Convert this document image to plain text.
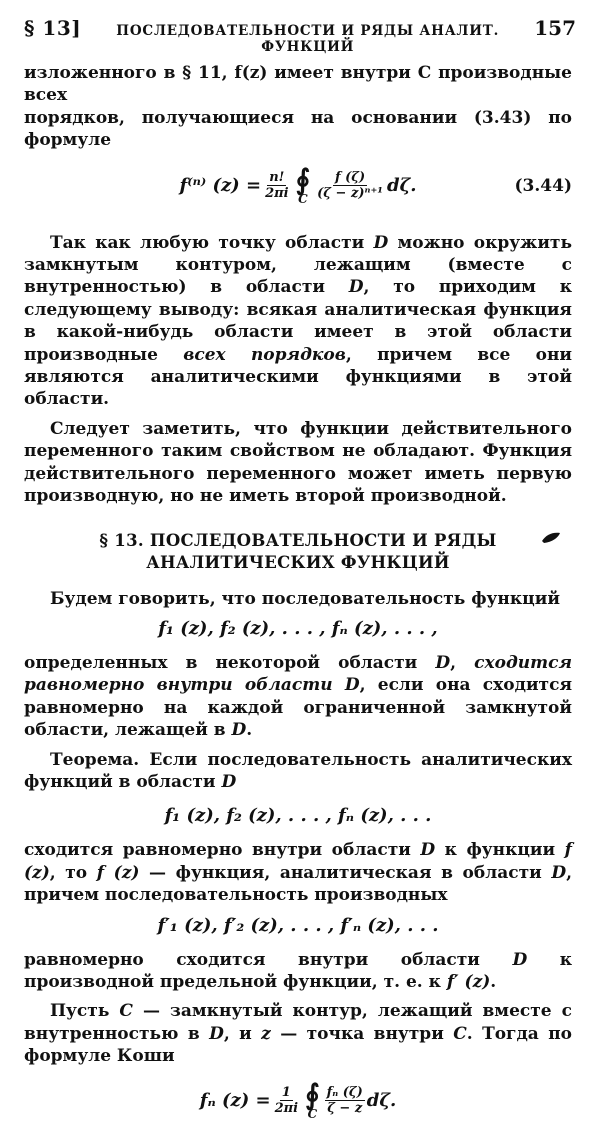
§ 13]	ПОСЛЕДОВАТЕЛЬНОСТИ И РЯДЫ АНАЛИТ. ФУНКЦИЙ
157

изложенного в § 11, f(z) имеет внутри C производные всех
порядков, получающиеся на основании (3.43) по формуле

f⁽ⁿ⁾ $(z) = \frac{n!}{2\pi i}$ ∮
C $\frac{f (\zeta)}{\text{(ζ − z)ⁿ⁺¹}} d\zeta$.	(3.44)

Так как любую точку области D можно окружить замкнутым контуром, лежащим (вместе с внутренностью) в области D, то приходим к следующему выводу: всякая аналитическая функция в какой-нибудь области имеет в этой области производные всех порядков, причем все они являются аналитическими функциями в этой области.

Следует заметить, что функции действительного переменного таким свойством не обладают. Функция действительного переменного может иметь первую производную, но не иметь второй производной.

§ 13. ПОСЛЕДОВАТЕЛЬНОСТИ И РЯДЫ
АНАЛИТИЧЕСКИХ ФУНКЦИЙ

Будем говорить, что последовательность функций

f₁ (z), f₂ (z), . . . , fₙ (z), . . . ,

определенных в некоторой области D, сходится равномерно внутри области D, если она сходится равномерно на каждой ограниченной замкнутой области, лежащей в D.

Теорема. Если последовательность аналитических функций в области D

f₁ (z), f₂ (z), . . . , fₙ (z), . . .

сходится равномерно внутри области D к функции f (z), то f (z) — функция, аналитическая в области D, причем последовательность производных

f′₁ (z), f′₂ (z), . . . , f′ₙ (z), . . .

равномерно сходится внутри области D к производной предельной функции, т. е. к f′ (z).

Пусть C — замкнутый контур, лежащий вместе с внутренностью в D, и z — точка внутри C. Тогда по формуле Коши

fₙ $(z) = \frac{1}{2\pi i}$ ∮
C $\frac{\text{fₙ (ζ)}}{\zeta - z} d\zeta$.
